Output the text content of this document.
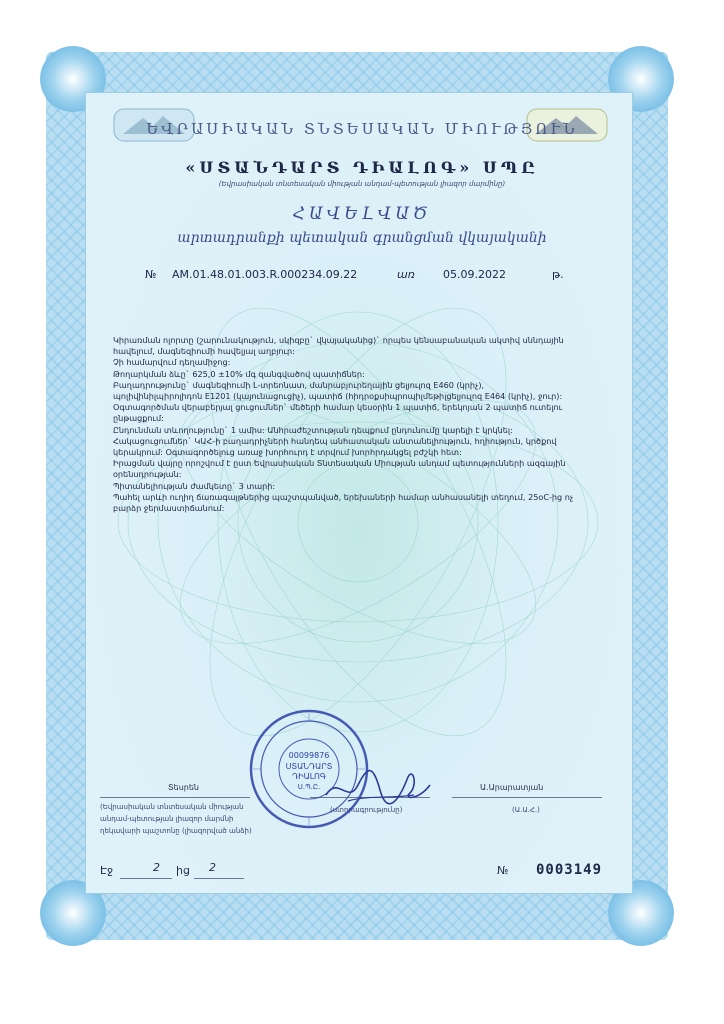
ԵՎՐԱՍԻԱԿԱՆ ՏՆՏԵՍԱԿԱՆ ՄԻՈՒԹՅՈՒՆ
«ՍՏԱՆԴԱՐՏ ԴԻԱԼՈԳ» ՍՊԸ
(Եվրասիական տնտեսական միության անդամ-պետության լիազոր մարմինը)
ՀԱՎԵԼՎԱԾ
արտադրանքի պետական գրանցման վկայականի
№ AM.01.48.01.003.R.000234.09.22	առ	05.09.2022	թ.
Կիրառման ոլորտը (շարունակություն, սկիզբը` վկայականից)` որպես կենսաբանական ակտիվ սննդային
հավելում, մագնեզիումի հավելյալ աղբյուր:
Չի համարվում դեղամիջոց:
Թողարկման ձևը` 625,0 ±10% մգ զանգվածով պատիճներ:
Բաղադրությունը` մագնեզիումի L-տրեոնատ, մանրաբյուրեղային ցելյուլոզ E460 (կրիչ),
պոլիվինիլպիրոլիդոն E1201 (կայունացուցիչ), պատիճ (հիդրօքսիպրոպիլմեթիլցելյուլոզ E464 (կրիչ), ջուր):
Օգտագործման վերաբերյալ ցուցումներ` մեծերի համար կեսօրին 1 պատիճ, երեկոյան 2 պատիճ ուտելու
ընթացքում:
Ընդունման տևողությունը` 1 ամիս: Անհրաժեշտության դեպքում ընդունումը կարելի է կրկնել:
Հակացուցումներ` ԿԱՀ-ի բաղադրիչների հանդեպ անհատական անտանելիություն, հղիություն, կրծքով
կերակրում: Օգտագործելուց առաջ խորհուրդ է տրվում խորհրդակցել բժշկի հետ:
Իրացման վայրը որոշվում է ըստ Եվրասիական Տնտեսական Միության անդամ պետությունների ազգային
օրենսդրության:
Պիտանելիության ժամկետը` 3 տարի:
Պահել արևի ուղիղ ճառագայթներից պաշտպանված, երեխաների համար անհասանելի տեղում, 25oC-ից ոչ
բարձր ջերմաստիճանում:
Տեսրեն
(Եվրասիական տնտեսական միության
անդամ-պետության լիազոր մարմնի
ղեկավարի պաշտոնը (լիազորված անձի)
(ստորագրությունը)
Ա.Արարատյան
(Ա.Ա.Հ.)
00099876
ՍՏԱՆԴԱՐՏ
ԴԻԱԼՈԳ
Ս.Պ.Ը.
Էջ	2 ից 2	№ 0003149
